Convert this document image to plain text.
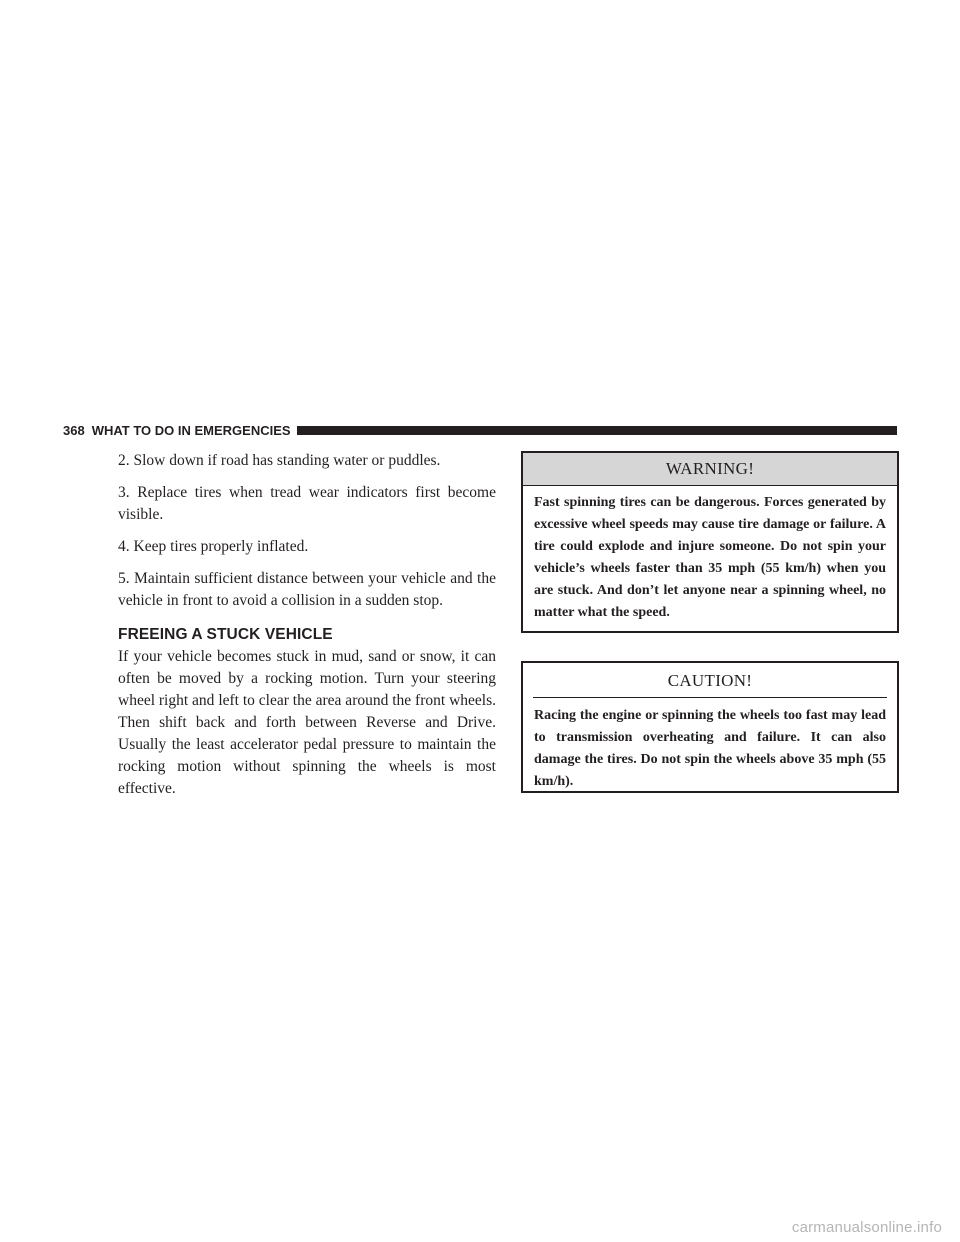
368 WHAT TO DO IN EMERGENCIES

2. Slow down if road has standing water or puddles.

3. Replace tires when tread wear indicators first become visible.

4. Keep tires properly inflated.

5. Maintain sufficient distance between your vehicle and the vehicle in front to avoid a collision in a sudden stop.

FREEING A STUCK VEHICLE

If your vehicle becomes stuck in mud, sand or snow, it can often be moved by a rocking motion. Turn your steering wheel right and left to clear the area around the front wheels. Then shift back and forth between Reverse and Drive. Usually the least accelerator pedal pressure to maintain the rocking motion without spinning the wheels is most effective.

WARNING!
Fast spinning tires can be dangerous. Forces generated by excessive wheel speeds may cause tire damage or failure. A tire could explode and injure someone. Do not spin your vehicle’s wheels faster than 35 mph (55 km/h) when you are stuck. And don’t let anyone near a spinning wheel, no matter what the speed.
CAUTION!
Racing the engine or spinning the wheels too fast may lead to transmission overheating and failure. It can also damage the tires. Do not spin the wheels above 35 mph (55 km/h).
carmanualsonline.info
